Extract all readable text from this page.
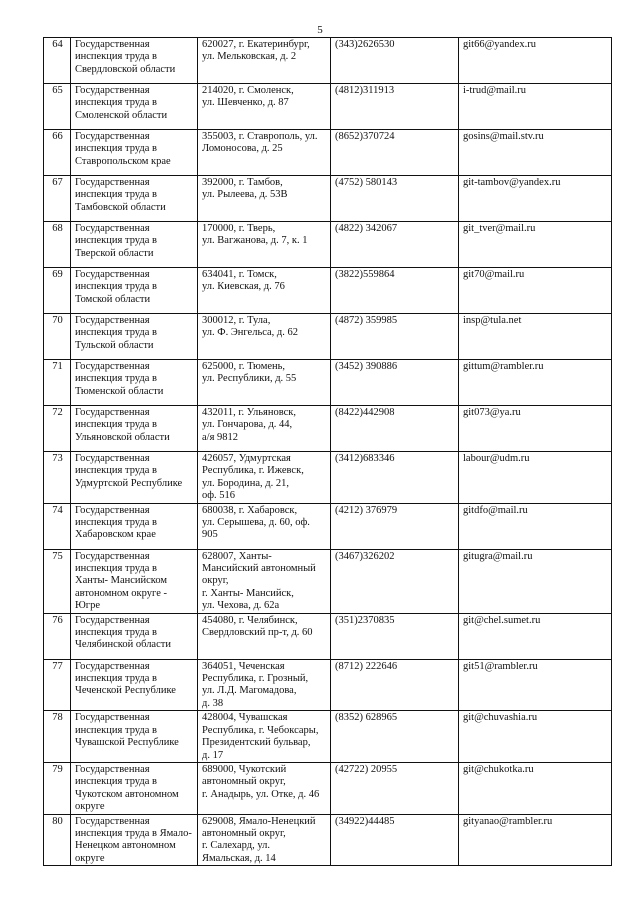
5
64	Государственная
инспекция труда в
Свердловской области	620027, г. Екатеринбург,
ул. Мельковская, д. 2	(343)2626530	git66@yandex.ru
65	Государственная
инспекция труда в
Смоленской области	214020, г. Смоленск,
ул. Шевченко, д. 87	(4812)311913	i-trud@mail.ru
66	Государственная
инспекция труда в
Ставропольском крае	355003, г. Ставрополь, ул.
Ломоносова, д. 25	(8652)370724	gosins@mail.stv.ru
67	Государственная
инспекция труда в
Тамбовской области	392000, г. Тамбов,
ул. Рылеева, д. 53В	(4752) 580143	git-tambov@yandex.ru
68	Государственная
инспекция труда в
Тверской области	170000, г. Тверь,
ул. Вагжанова, д. 7, к. 1	(4822) 342067	git_tver@mail.ru
69	Государственная
инспекция труда в
Томской области	634041, г. Томск,
ул. Киевская, д. 76	(3822)559864	git70@mail.ru
70	Государственная
инспекция труда в
Тульской области	300012, г. Тула,
ул. Ф. Энгельса, д. 62	(4872) 359985	insp@tula.net
71	Государственная
инспекция труда в
Тюменской области	625000, г. Тюмень,
ул. Республики, д. 55	(3452) 390886	gittum@rambler.ru
72	Государственная
инспекция труда в
Ульяновской области	432011, г. Ульяновск,
ул. Гончарова, д. 44,
а/я 9812	(8422)442908	git073@ya.ru
73	Государственная
инспекция труда в
Удмуртской Республике	426057, Удмуртская
Республика, г. Ижевск,
ул. Бородина, д. 21,
оф. 516	(3412)683346	labour@udm.ru
74	Государственная
инспекция труда в
Хабаровском крае	680038, г. Хабаровск,
ул. Серышева, д. 60, оф.
905	(4212) 376979	gitdfo@mail.ru
75	Государственная
инспекция труда в
Ханты- Мансийском
автономном округе -
Югре	628007, Ханты-
Мансийский автономный
округ,
г. Ханты- Мансийск,
ул. Чехова, д. 62а	(3467)326202	gitugra@mail.ru
76	Государственная
инспекция труда в
Челябинской области	454080, г. Челябинск,
Свердловский пр-т, д. 60	(351)2370835	git@chel.sumet.ru
77	Государственная
инспекция труда в
Чеченской Республике	364051, Чеченская
Республика, г. Грозный,
ул. Л.Д. Магомадова,
д. 38	(8712) 222646	git51@rambler.ru
78	Государственная
инспекция труда в
Чувашской Республике	428004, Чувашская
Республика, г. Чебоксары,
Президентский бульвар,
д. 17	(8352) 628965	git@chuvashia.ru
79	Государственная
инспекция труда в
Чукотском автономном
округе	689000, Чукотский
автономный округ,
г. Анадырь, ул. Отке, д. 46	(42722) 20955	git@chukotka.ru
80	Государственная
инспекция труда в Ямало-
Ненецком автономном
округе	629008, Ямало-Ненецкий
автономный округ,
г. Салехард, ул.
Ямальская, д. 14	(34922)44485	gityanao@rambler.ru
